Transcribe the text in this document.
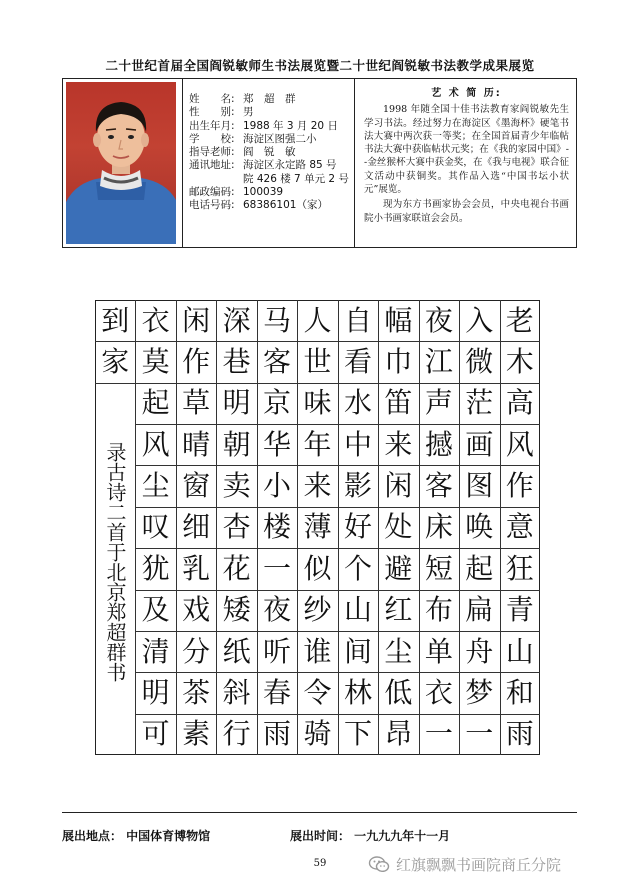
二十世纪首届全国阎锐敏师生书法展览暨二十世纪阎锐敏书法教学成果展览
姓　　名: 郑　超　群
性　　别: 男
出生年月: 1988 年 3 月 20 日
学　　校: 海淀区图强二小
指导老师: 阎　锐　敏
通讯地址: 海淀区永定路 85 号
院 426 楼 7 单元 2 号
邮政编码: 100039
电话号码: 68386101（家）
艺 术 简 历:

1998 年随全国十佳书法教育家阎锐敏先生学习书法。经过努力在海淀区《墨海杯》硬笔书法大赛中两次获一等奖；在全国首届青少年临帖书法大赛中获临帖状元奖；在《我的家园中国》--金丝猴杯大赛中获金奖，在《我与电视》联合征文活动中获铜奖。其作品入选“中国书坛小状元”展览。

现为东方书画家协会会员，中央电视台书画院小书画家联谊会会员。

录古诗二首于北京郑超群书
老
木
高
风
作
意
狂
青
山
和
雨
入
微
茫
画
图
唤
起
扁
舟
梦
一
夜
江
声
撼
客
床
短
布
单
衣
一
幅
巾
笛
来
闲
处
避
红
尘
低
昂
自
看
水
中
影
好
个
山
间
林
下
人
世
味
年
来
薄
似
纱
谁
令
骑
马
客
京
华
小
楼
一
夜
听
春
雨
深
巷
明
朝
卖
杏
花
矮
纸
斜
行
闲
作
草
晴
窗
细
乳
戏
分
茶
素
衣
莫
起
风
尘
叹
犹
及
清
明
可
到
家
展出地点： 中国体育博物馆	展出时间： 一九九九年十一月
59	红旗飘飘书画院商丘分院
